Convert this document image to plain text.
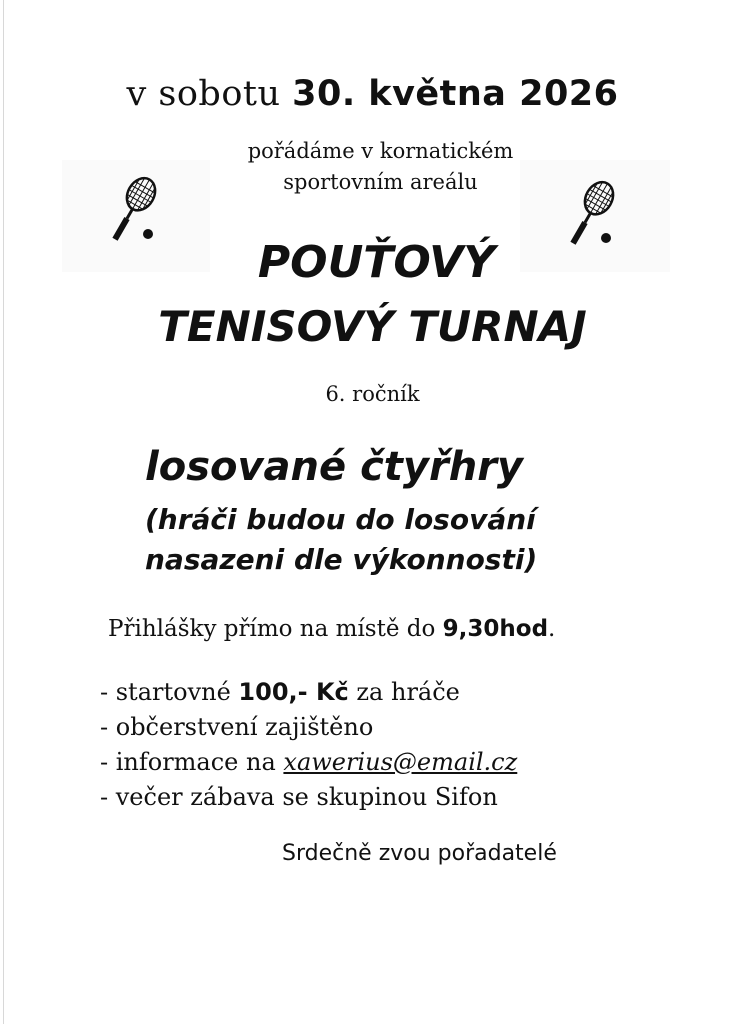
v sobotu 30. května 2026
pořádáme v kornatickém
sportovním areálu
POUŤOVÝ
TENISOVÝ TURNAJ
6. ročník
losované čtyřhry
(hráči budou do losování
nasazeni dle výkonnosti)
Přihlášky přímo na místě do 9,30hod.
- startovné 100,- Kč za hráče
- občerstvení zajištěno
- informace na xawerius@email.cz
- večer zábava se skupinou Sifon
Srdečně zvou pořadatelé
